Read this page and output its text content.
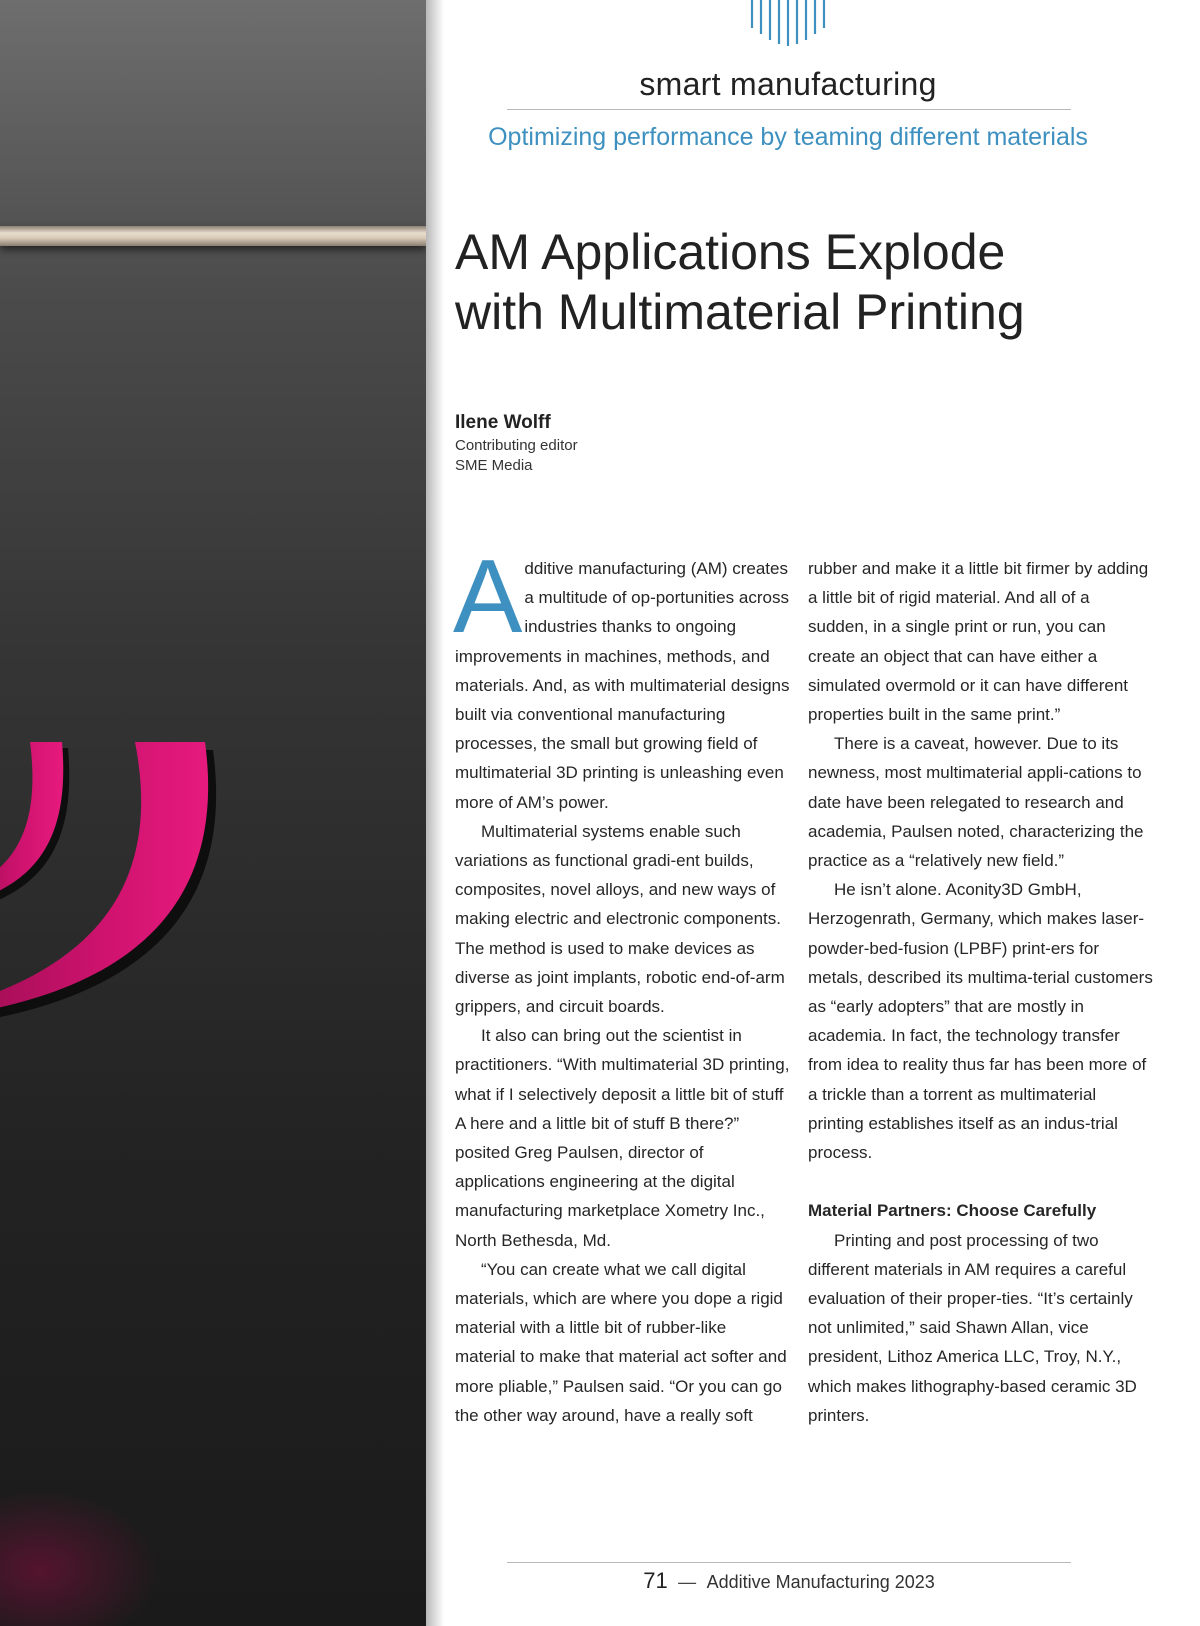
smart manufacturing
Optimizing performance by teaming different materials
AM Applications Explode
with Multimaterial Printing
Ilene Wolff
Contributing editor
SME Media

Additive manufacturing (AM) creates a multitude of op-portunities across industries thanks to ongoing improvements in machines, methods, and materials. And, as with multimaterial designs built via conventional manufacturing processes, the small but growing field of multimaterial 3D printing is unleashing even more of AM’s power.

Multimaterial systems enable such variations as functional gradi-ent builds, composites, novel alloys, and new ways of making electric and electronic components. The method is used to make devices as diverse as joint implants, robotic end-of-arm grippers, and circuit boards.

It also can bring out the scientist in practitioners. “With multimaterial 3D printing, what if I selectively deposit a little bit of stuff A here and a little bit of stuff B there?” posited Greg Paulsen, director of applications engineering at the digital manufacturing marketplace Xometry Inc., North Bethesda, Md.

“You can create what we call digital materials, which are where you dope a rigid material with a little bit of rubber-like material to make that material act softer and more pliable,” Paulsen said. “Or you can go the other way around, have a really soft

rubber and make it a little bit firmer by adding a little bit of rigid material. And all of a sudden, in a single print or run, you can create an object that can have either a simulated overmold or it can have different properties built in the same print.”

There is a caveat, however. Due to its newness, most multimaterial appli-cations to date have been relegated to research and academia, Paulsen noted, characterizing the practice as a “relatively new field.”

He isn’t alone. Aconity3D GmbH, Herzogenrath, Germany, which makes laser-powder-bed-fusion (LPBF) print-ers for metals, described its multima-terial customers as “early adopters” that are mostly in academia. In fact, the technology transfer from idea to reality thus far has been more of a trickle than a torrent as multimaterial printing establishes itself as an indus-trial process.

Material Partners: Choose Carefully

Printing and post processing of two different materials in AM requires a careful evaluation of their proper-ties. “It’s certainly not unlimited,” said Shawn Allan, vice president, Lithoz America LLC, Troy, N.Y., which makes lithography-based ceramic 3D printers.

71 — Additive Manufacturing 2023
